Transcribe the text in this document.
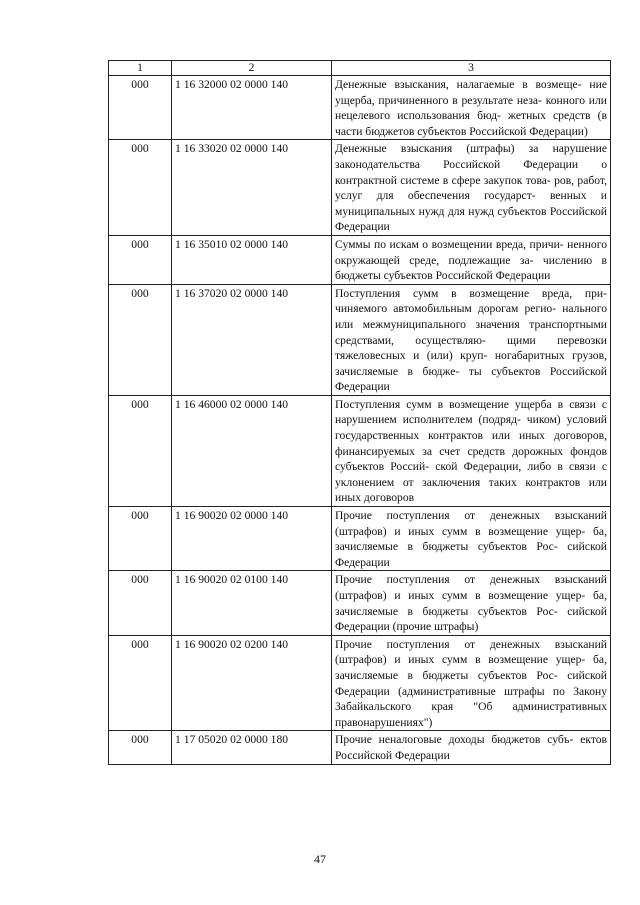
1	2	3
000	1 16 32000 02 0000 140	Денежные взыскания, налагаемые в возмеще- ние ущерба, причиненного в результате неза- конного или нецелевого использования бюд- жетных средств (в части бюджетов субъектов Российской Федерации)
000	1 16 33020 02 0000 140	Денежные взыскания (штрафы) за нарушение законодательства Российской Федерации о контрактной системе в сфере закупок това- ров, работ, услуг для обеспечения государст- венных и муниципальных нужд для нужд субъектов Российской Федерации
000	1 16 35010 02 0000 140	Суммы по искам о возмещении вреда, причи- ненного окружающей среде, подлежащие за- числению в бюджеты субъектов Российской Федерации
000	1 16 37020 02 0000 140	Поступления сумм в возмещение вреда, при- чиняемого автомобильным дорогам регио- нального или межмуниципального значения транспортными средствами, осуществляю- щими перевозки тяжеловесных и (или) круп- ногабаритных грузов, зачисляемые в бюдже- ты субъектов Российской Федерации
000	1 16 46000 02 0000 140	Поступления сумм в возмещение ущерба в связи с нарушением исполнителем (подряд- чиком) условий государственных контрактов или иных договоров, финансируемых за счет средств дорожных фондов субъектов Россий- ской Федерации, либо в связи с уклонением от заключения таких контрактов или иных договоров
000	1 16 90020 02 0000 140	Прочие поступления от денежных взысканий (штрафов) и иных сумм в возмещение ущер- ба, зачисляемые в бюджеты субъектов Рос- сийской Федерации
000	1 16 90020 02 0100 140	Прочие поступления от денежных взысканий (штрафов) и иных сумм в возмещение ущер- ба, зачисляемые в бюджеты субъектов Рос- сийской Федерации (прочие штрафы)
000	1 16 90020 02 0200 140	Прочие поступления от денежных взысканий (штрафов) и иных сумм в возмещение ущер- ба, зачисляемые в бюджеты субъектов Рос- сийской Федерации (административные штрафы по Закону Забайкальского края "Об административных правонарушениях")
000	1 17 05020 02 0000 180	Прочие неналоговые доходы бюджетов субъ- ектов Российской Федерации
47
